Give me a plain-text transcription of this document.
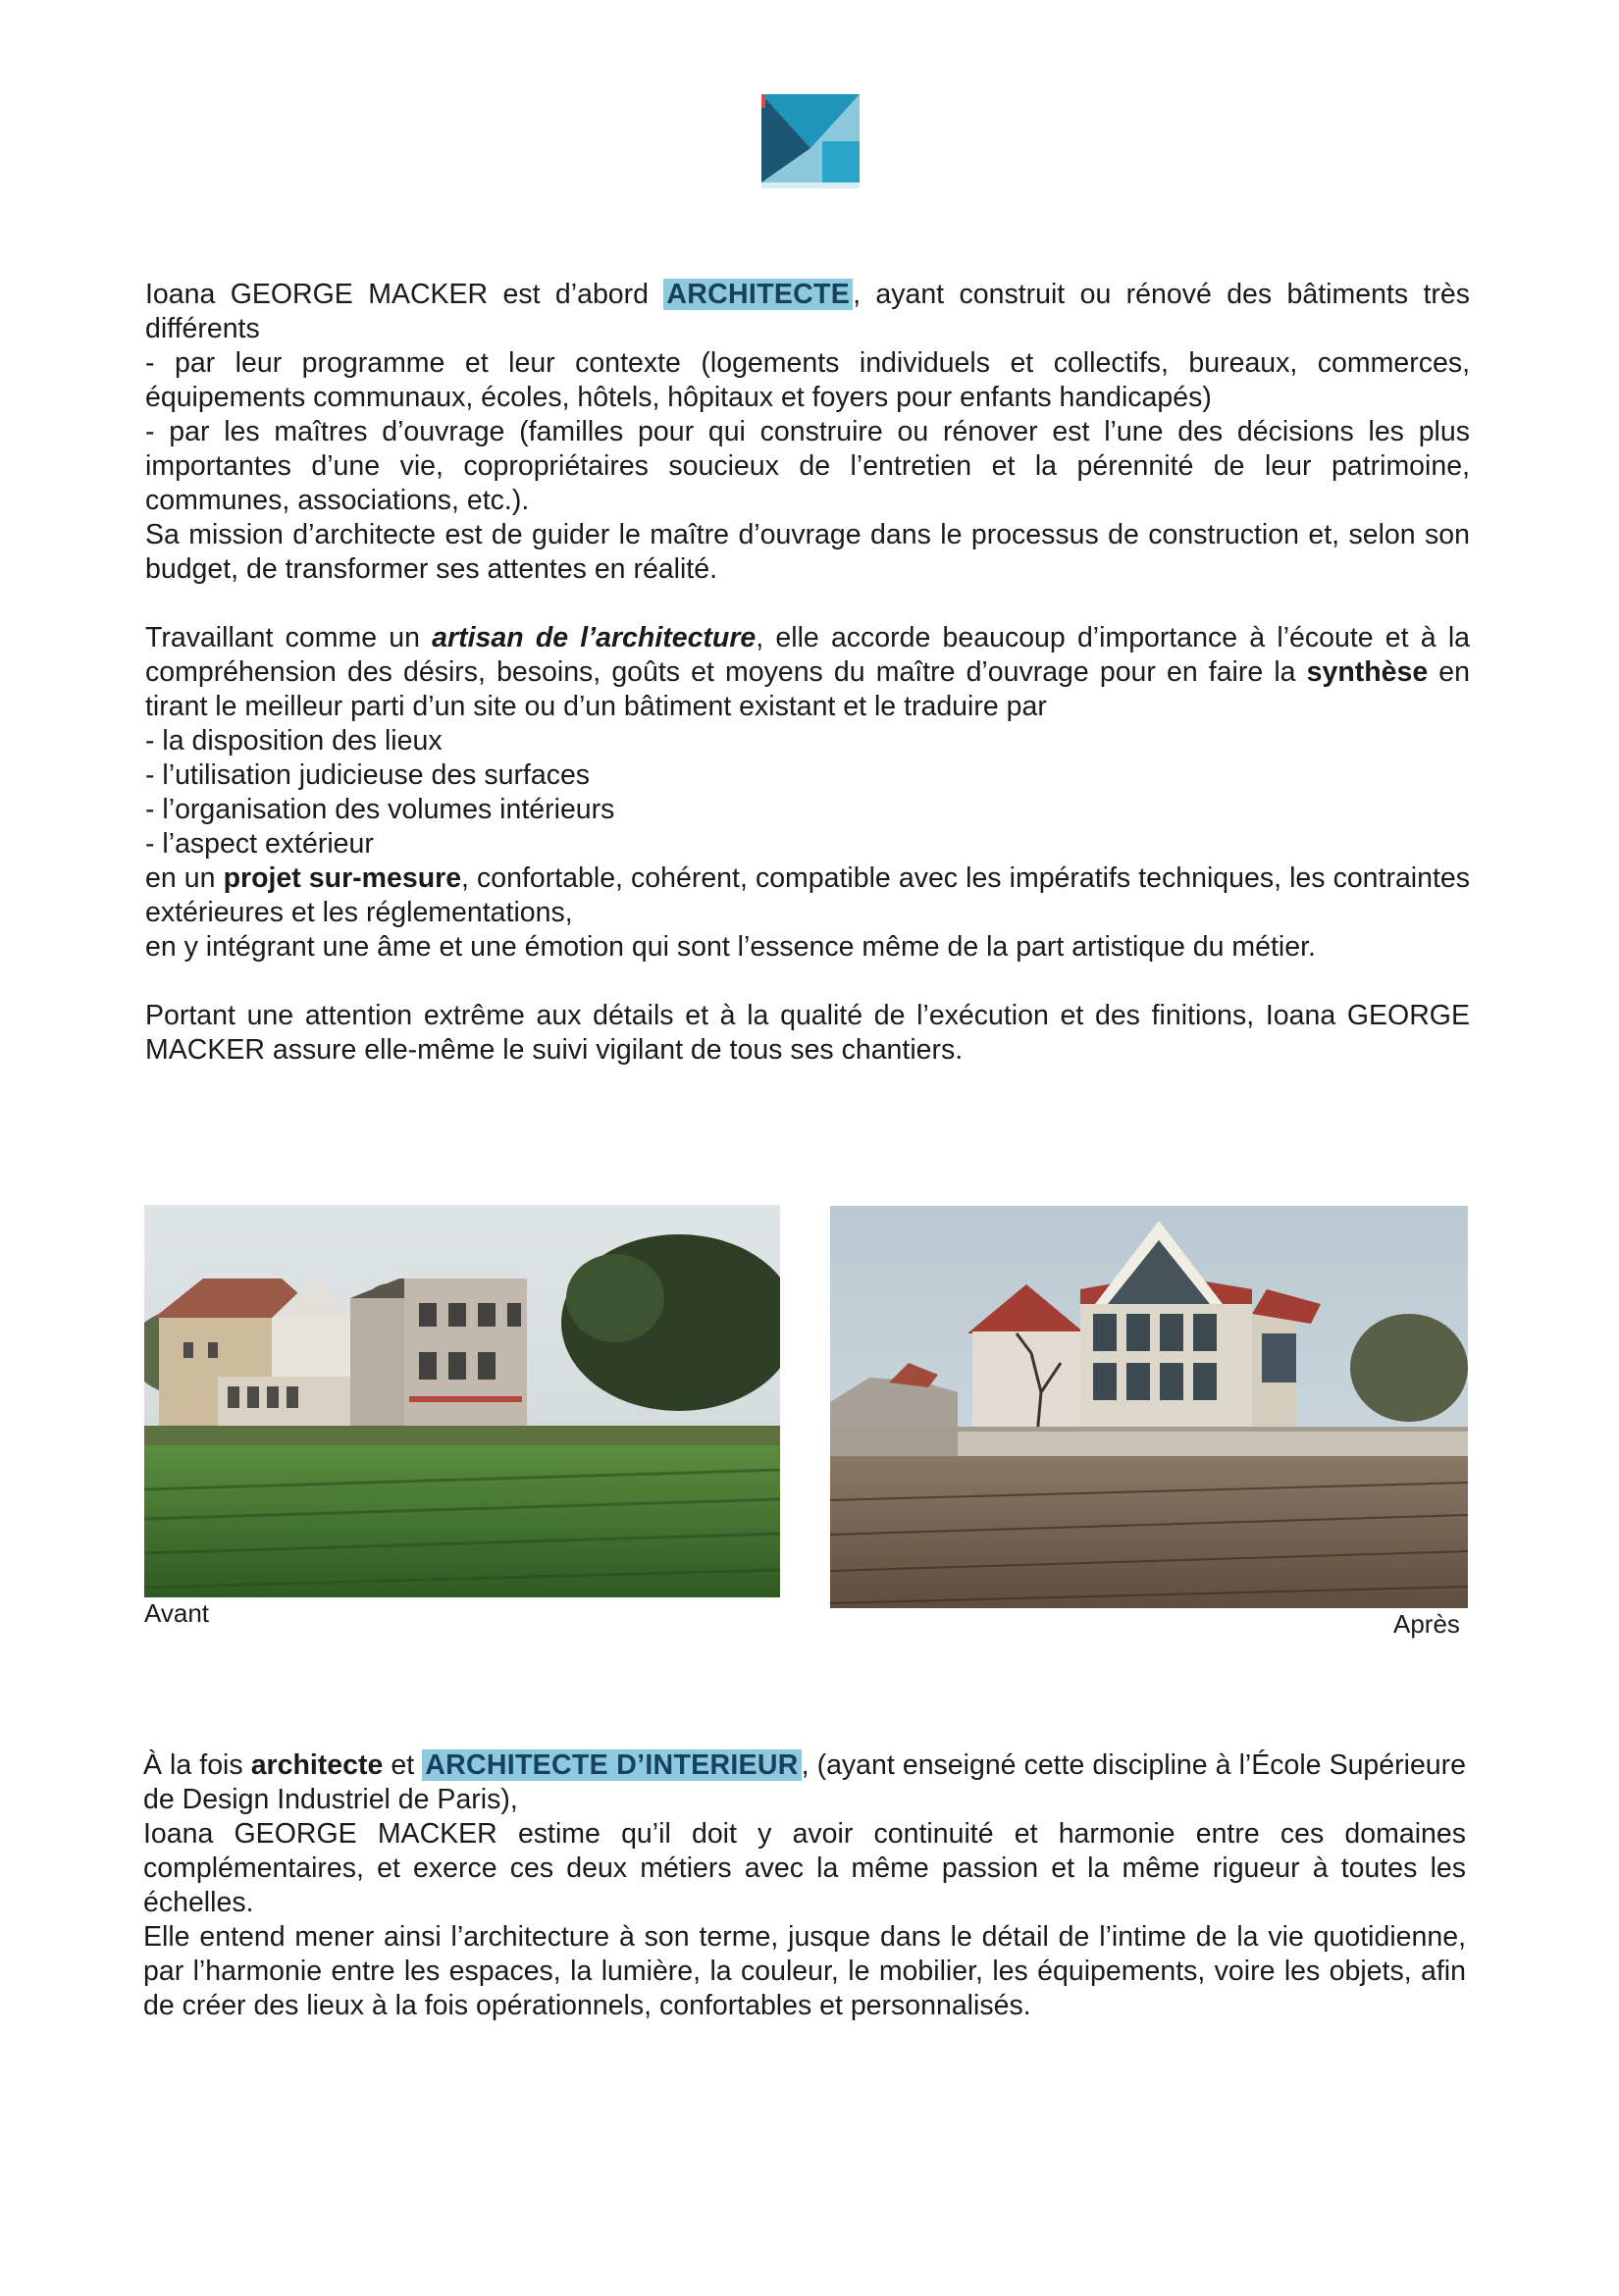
Ioana GEORGE MACKER est d’abord ARCHITECTE , ayant construit ou rénové des bâtiments très différents

- par leur programme et leur contexte (logements individuels et collectifs, bureaux, commerces, équipements communaux, écoles, hôtels, hôpitaux et foyers pour enfants handicapés)

- par les maîtres d’ouvrage (familles pour qui construire ou rénover est l’une des décisions les plus importantes d’une vie, copropriétaires soucieux de l’entretien et la pérennité de leur patrimoine, communes, associations, etc.).

Sa mission d’architecte est de guider le maître d’ouvrage dans le processus de construction et, selon son budget, de transformer ses attentes en réalité.

Travaillant comme un artisan de l’architecture, elle accorde beaucoup d’importance à l’écoute et à la compréhension des désirs, besoins, goûts et moyens du maître d’ouvrage pour en faire la synthèse en tirant le meilleur parti d’un site ou d’un bâtiment existant et le traduire par

- la disposition des lieux

- l’utilisation judicieuse des surfaces

- l’organisation des volumes intérieurs

- l’aspect extérieur

en un projet sur-mesure, confortable, cohérent, compatible avec les impératifs techniques, les contraintes extérieures et les réglementations,

en y intégrant une âme et une émotion qui sont l’essence même de la part artistique du métier.

Portant une attention extrême aux détails et à la qualité de l’exécution et des finitions, Ioana GEORGE MACKER assure elle-même le suivi vigilant de tous ses chantiers.

Avant	Après

À la fois architecte et ARCHITECTE D’INTERIEUR , (ayant enseigné cette discipline à l’École Supérieure de Design Industriel de Paris),

Ioana GEORGE MACKER estime qu’il doit y avoir continuité et harmonie entre ces domaines complémentaires, et exerce ces deux métiers avec la même passion et la même rigueur à toutes les échelles.

Elle entend mener ainsi l’architecture à son terme, jusque dans le détail de l’intime de la vie quotidienne, par l’harmonie entre les espaces, la lumière, la couleur, le mobilier, les équipements, voire les objets, afin de créer des lieux à la fois opérationnels, confortables et personnalisés.
